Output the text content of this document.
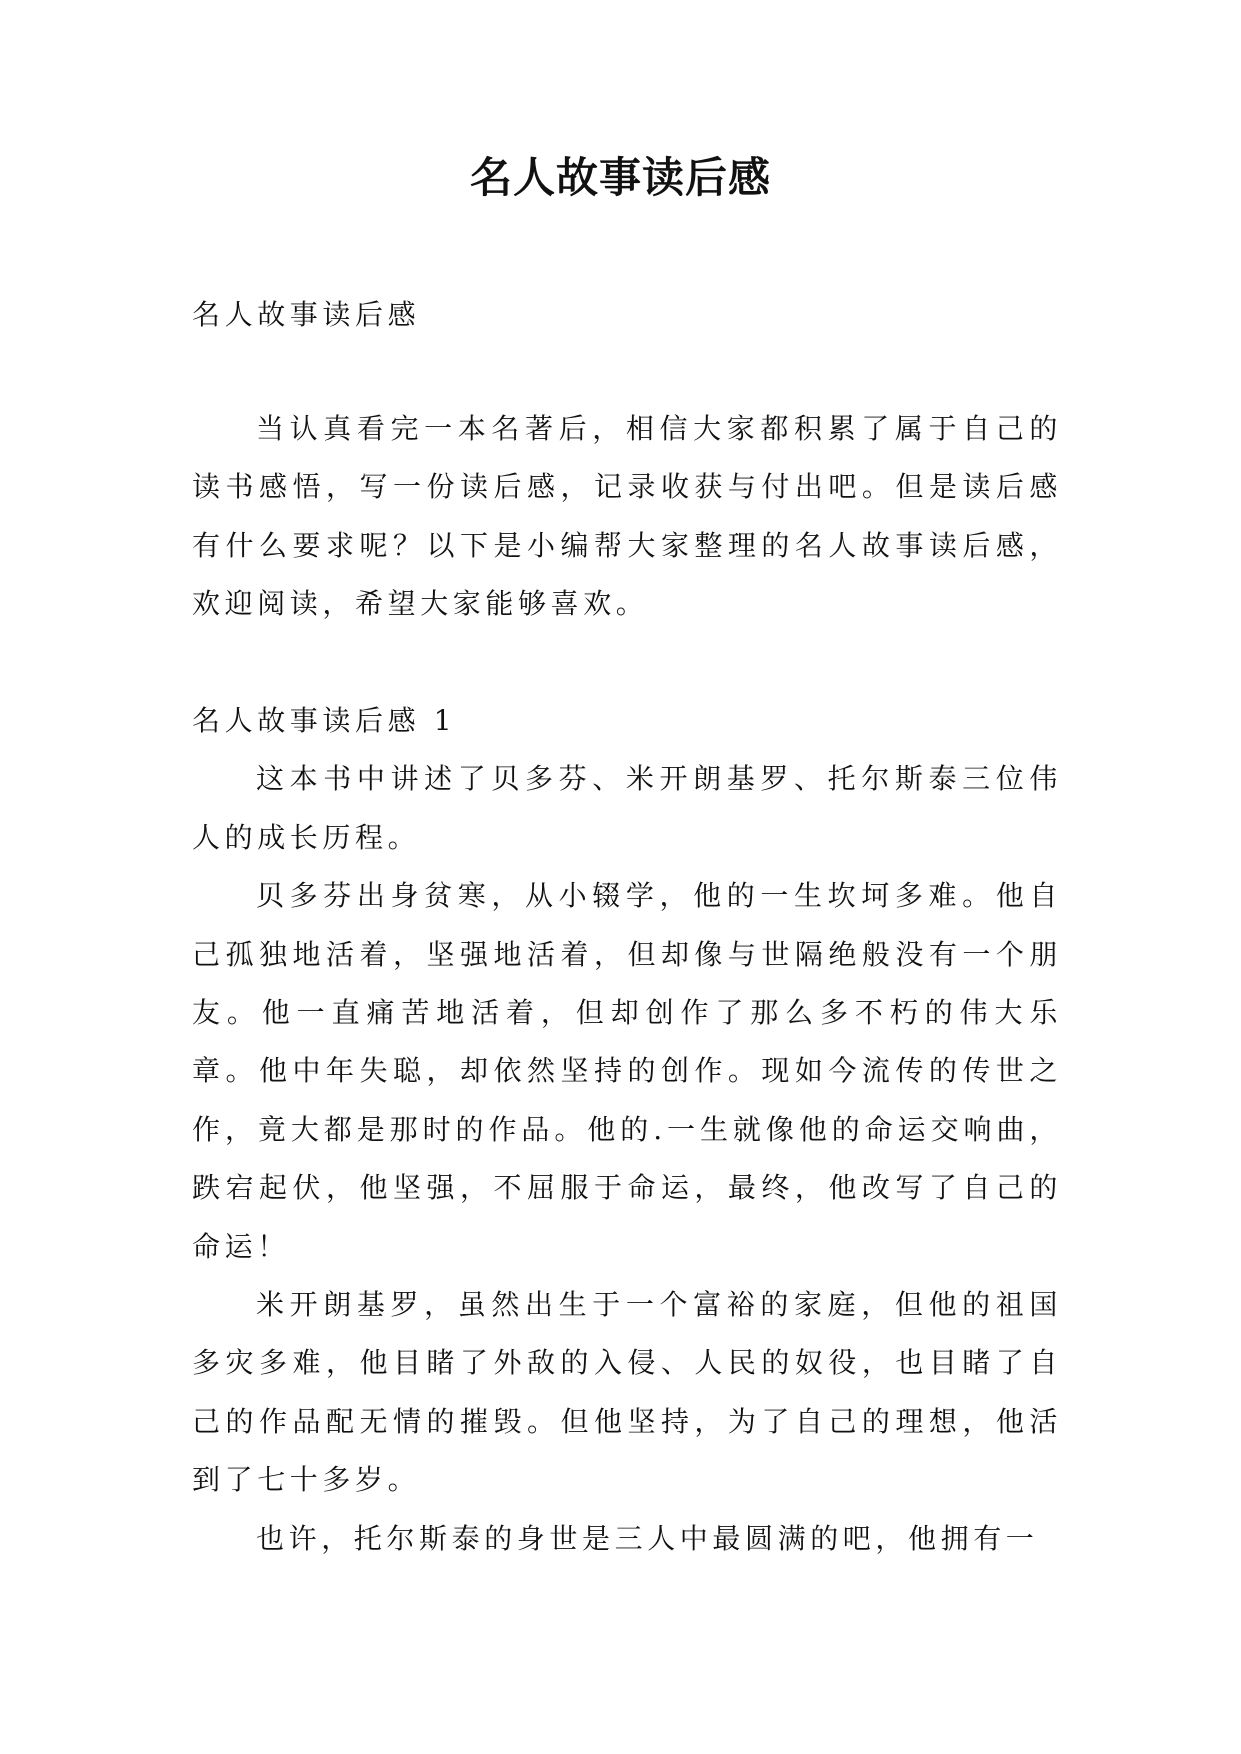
名人故事读后感

名人故事读后感

当认真看完一本名著后，相信大家都积累了属于自己的读书感悟，写一份读后感，记录收获与付出吧。但是读后感有什么要求呢？以下是小编帮大家整理的名人故事读后感，欢迎阅读，希望大家能够喜欢。

名人故事读后感 1

这本书中讲述了贝多芬、米开朗基罗、托尔斯泰三位伟人的成长历程。

贝多芬出身贫寒，从小辍学，他的一生坎坷多难。他自己孤独地活着，坚强地活着，但却像与世隔绝般没有一个朋友。他一直痛苦地活着，但却创作了那么多不朽的伟大乐章。他中年失聪，却依然坚持的创作。现如今流传的传世之作，竟大都是那时的作品。他的.一生就像他的命运交响曲，跌宕起伏，他坚强，不屈服于命运，最终，他改写了自己的命运！

米开朗基罗，虽然出生于一个富裕的家庭，但他的祖国多灾多难，他目睹了外敌的入侵、人民的奴役，也目睹了自己的作品配无情的摧毁。但他坚持，为了自己的理想，他活到了七十多岁。

也许，托尔斯泰的身世是三人中最圆满的吧，他拥有一
